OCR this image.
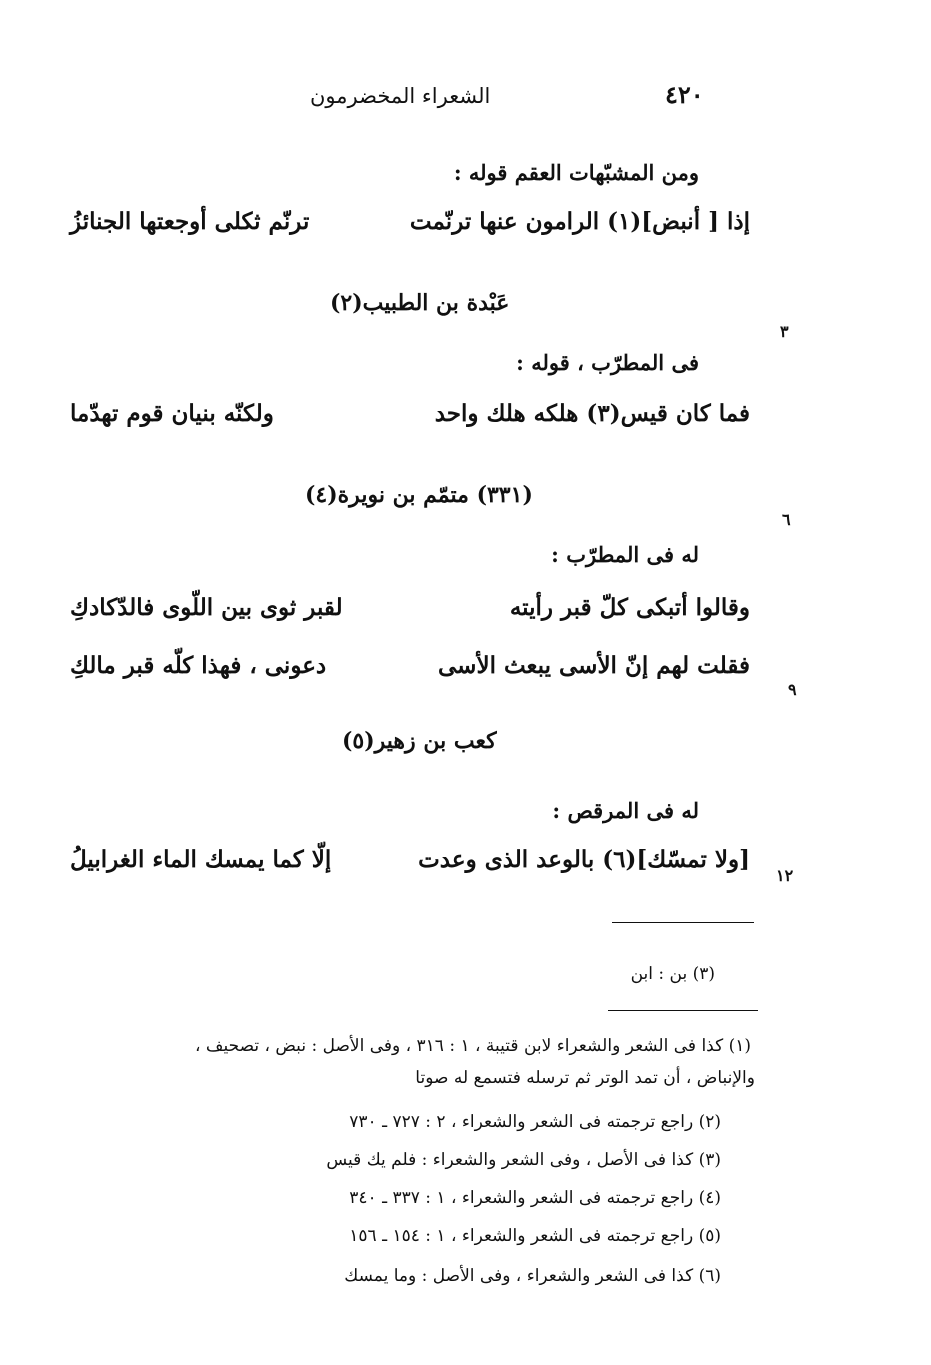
الشعراء المخضرمون	٤٢٠
ومن المشبّهات العقم قوله :
إذا [ أنبض](١) الرامون عنها ترنّمت
ترنّم ثكلى أوجعتها الجنائزُ
عَبْدة بن الطبيب(٢)
٣
فى المطرّب ، قوله :
فما كان قيس(٣) هلكه هلك واحد
ولكنّه بنيان قوم تهدّما
(٣٣١) متمّم بن نويرة(٤)
٦
له فى المطرّب :
وقالوا أتبكى كلّ قبر رأيته
لقبر ثوى بين اللّوى فالدّكادكِ
فقلت لهم إنّ الأسى يبعث الأسى
دعونى ، فهذا كلّه قبر مالكِ
٩
كعب بن زهير(٥)
له فى المرقص :
[ولا تمسّك](٦) بالوعد الذى وعدت
إلّا كما يمسك الماء الغرابيلُ
١٢
(٣) بن : ابن
(١) كذا فى الشعر والشعراء لابن قتيبة ، ١ : ٣١٦ ، وفى الأصل : نبض ، تصحيف ،
والإنباض ، أن تمد الوتر ثم ترسله فتسمع له صوتا
(٢) راجع ترجمته فى الشعر والشعراء ، ٢ : ٧٢٧ ـ ٧٣٠
(٣) كذا فى الأصل ، وفى الشعر والشعراء : فلم يك قيس
(٤) راجع ترجمته فى الشعر والشعراء ، ١ : ٣٣٧ ـ ٣٤٠
(٥) راجع ترجمته فى الشعر والشعراء ، ١ : ١٥٤ ـ ١٥٦
(٦) كذا فى الشعر والشعراء ، وفى الأصل : وما يمسك
